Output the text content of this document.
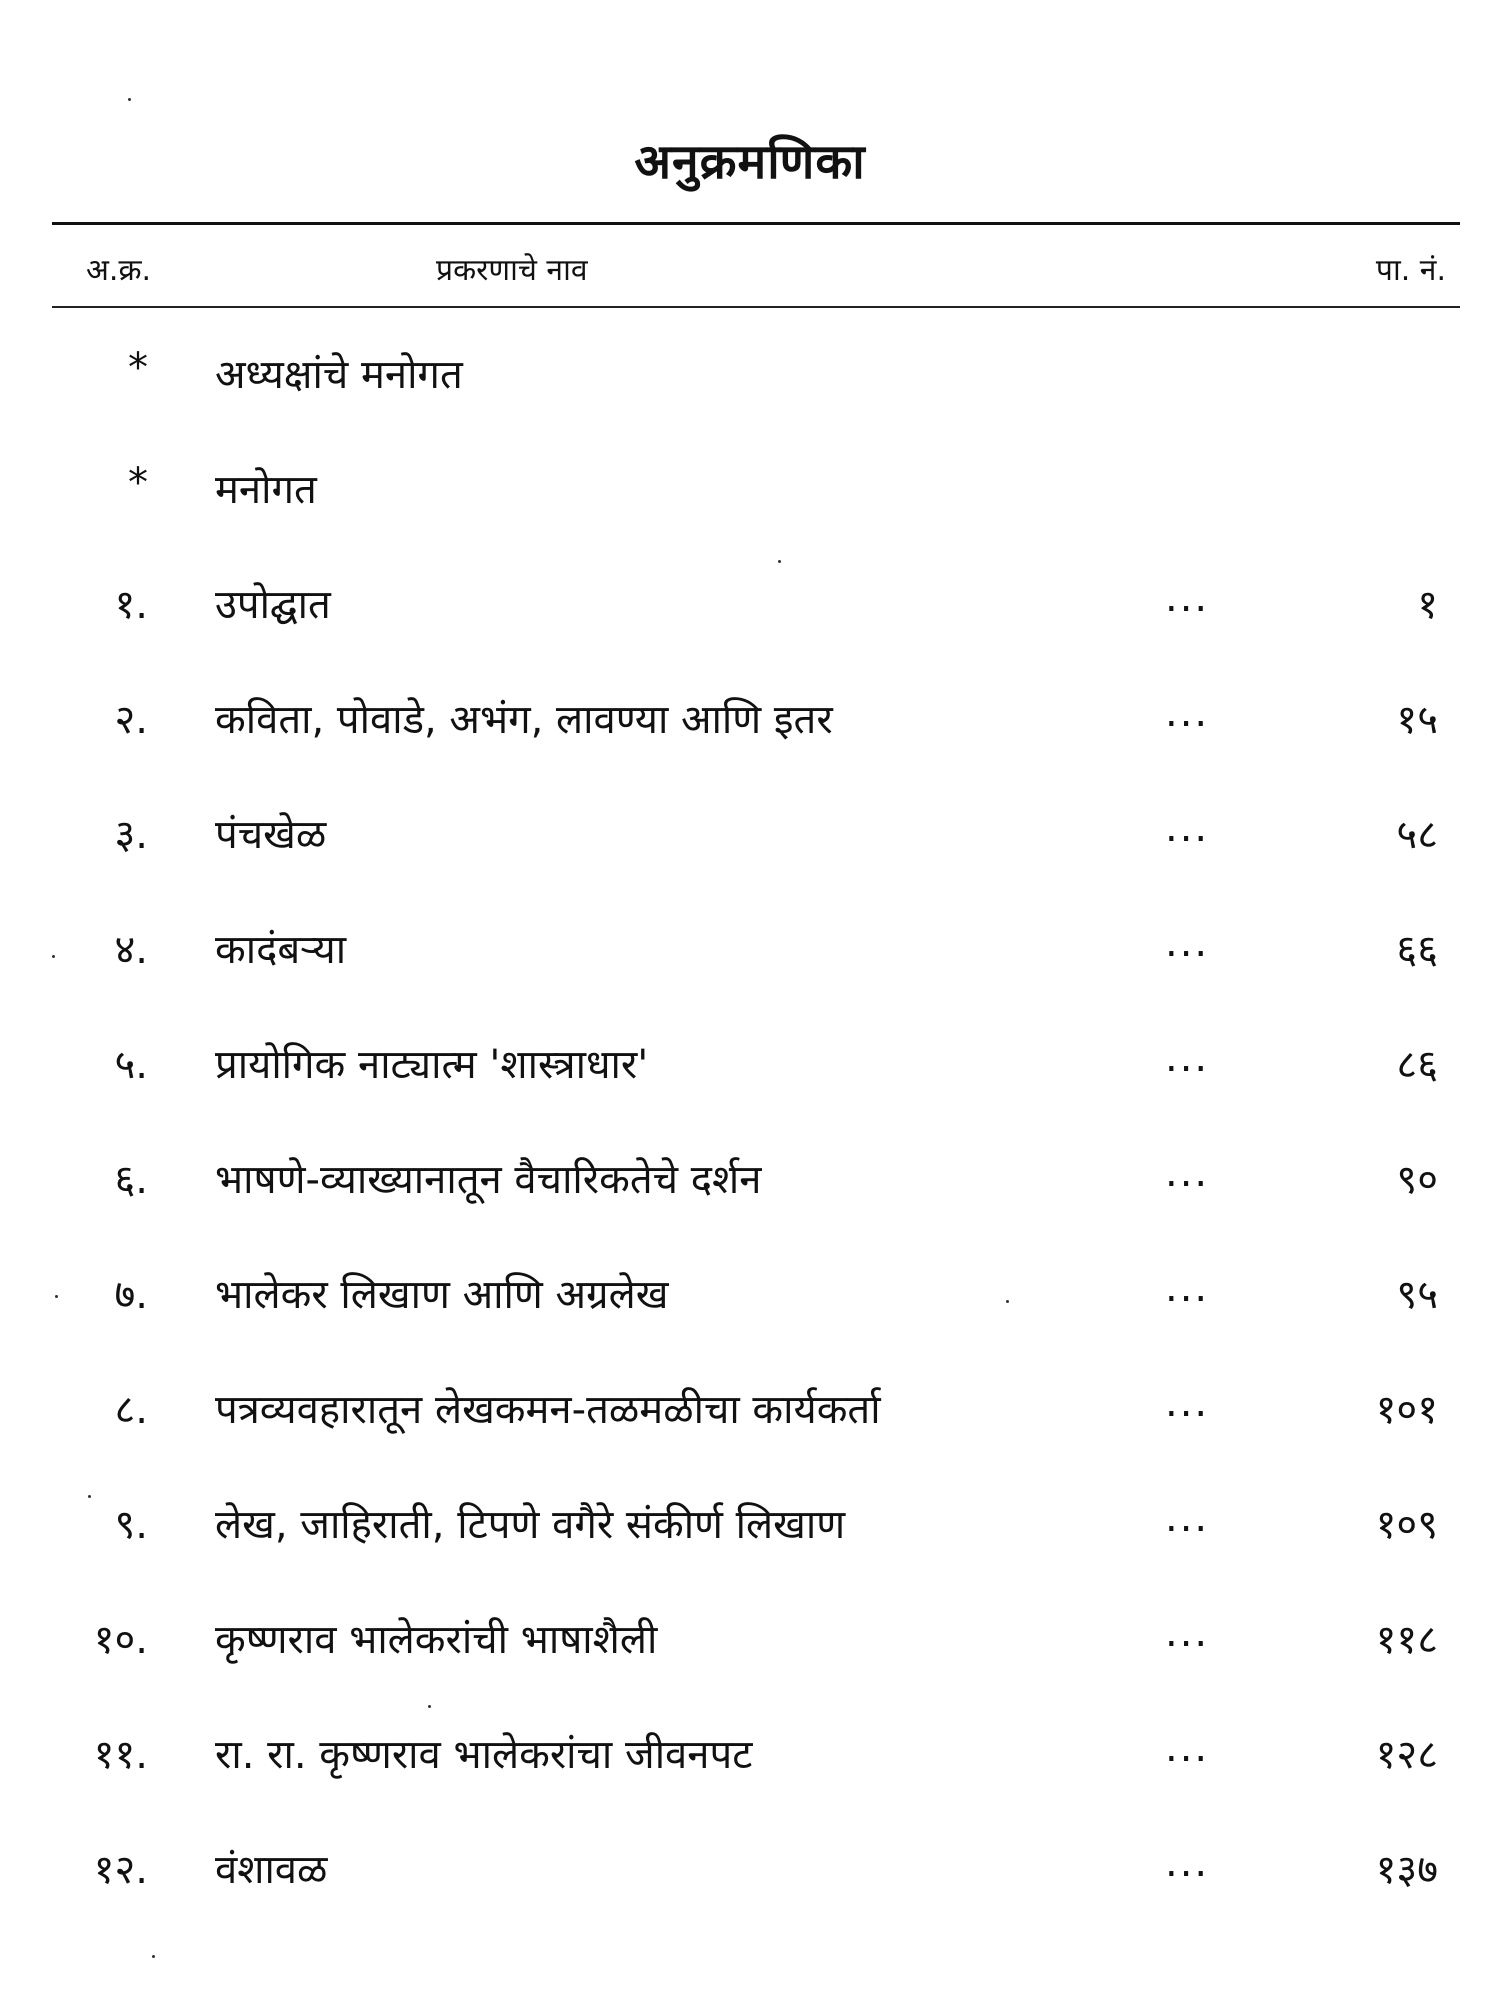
अनुक्रमणिका
अ.क्र.	प्रकरणाचे नाव	पा. नं.
* अध्यक्षांचे मनोगत
* मनोगत
१. उपोद्घात	...	१
२. कविता, पोवाडे, अभंग, लावण्या आणि इतर	...	१५
३. पंचखेळ	...	५८
४. कादंबऱ्या	...	६६
५. प्रायोगिक नाट्यात्म 'शास्त्राधार'	...	८६
६. भाषणे-व्याख्यानातून वैचारिकतेचे दर्शन	...	९०
७. भालेकर लिखाण आणि अग्रलेख	...	९५
८. पत्रव्यवहारातून लेखकमन-तळमळीचा कार्यकर्ता	...	१०१
९. लेख, जाहिराती, टिपणे वगैरे संकीर्ण लिखाण	...	१०९
१०. कृष्णराव भालेकरांची भाषाशैली	...	११८
११. रा. रा. कृष्णराव भालेकरांचा जीवनपट	...	१२८
१२. वंशावळ	...	१३७
